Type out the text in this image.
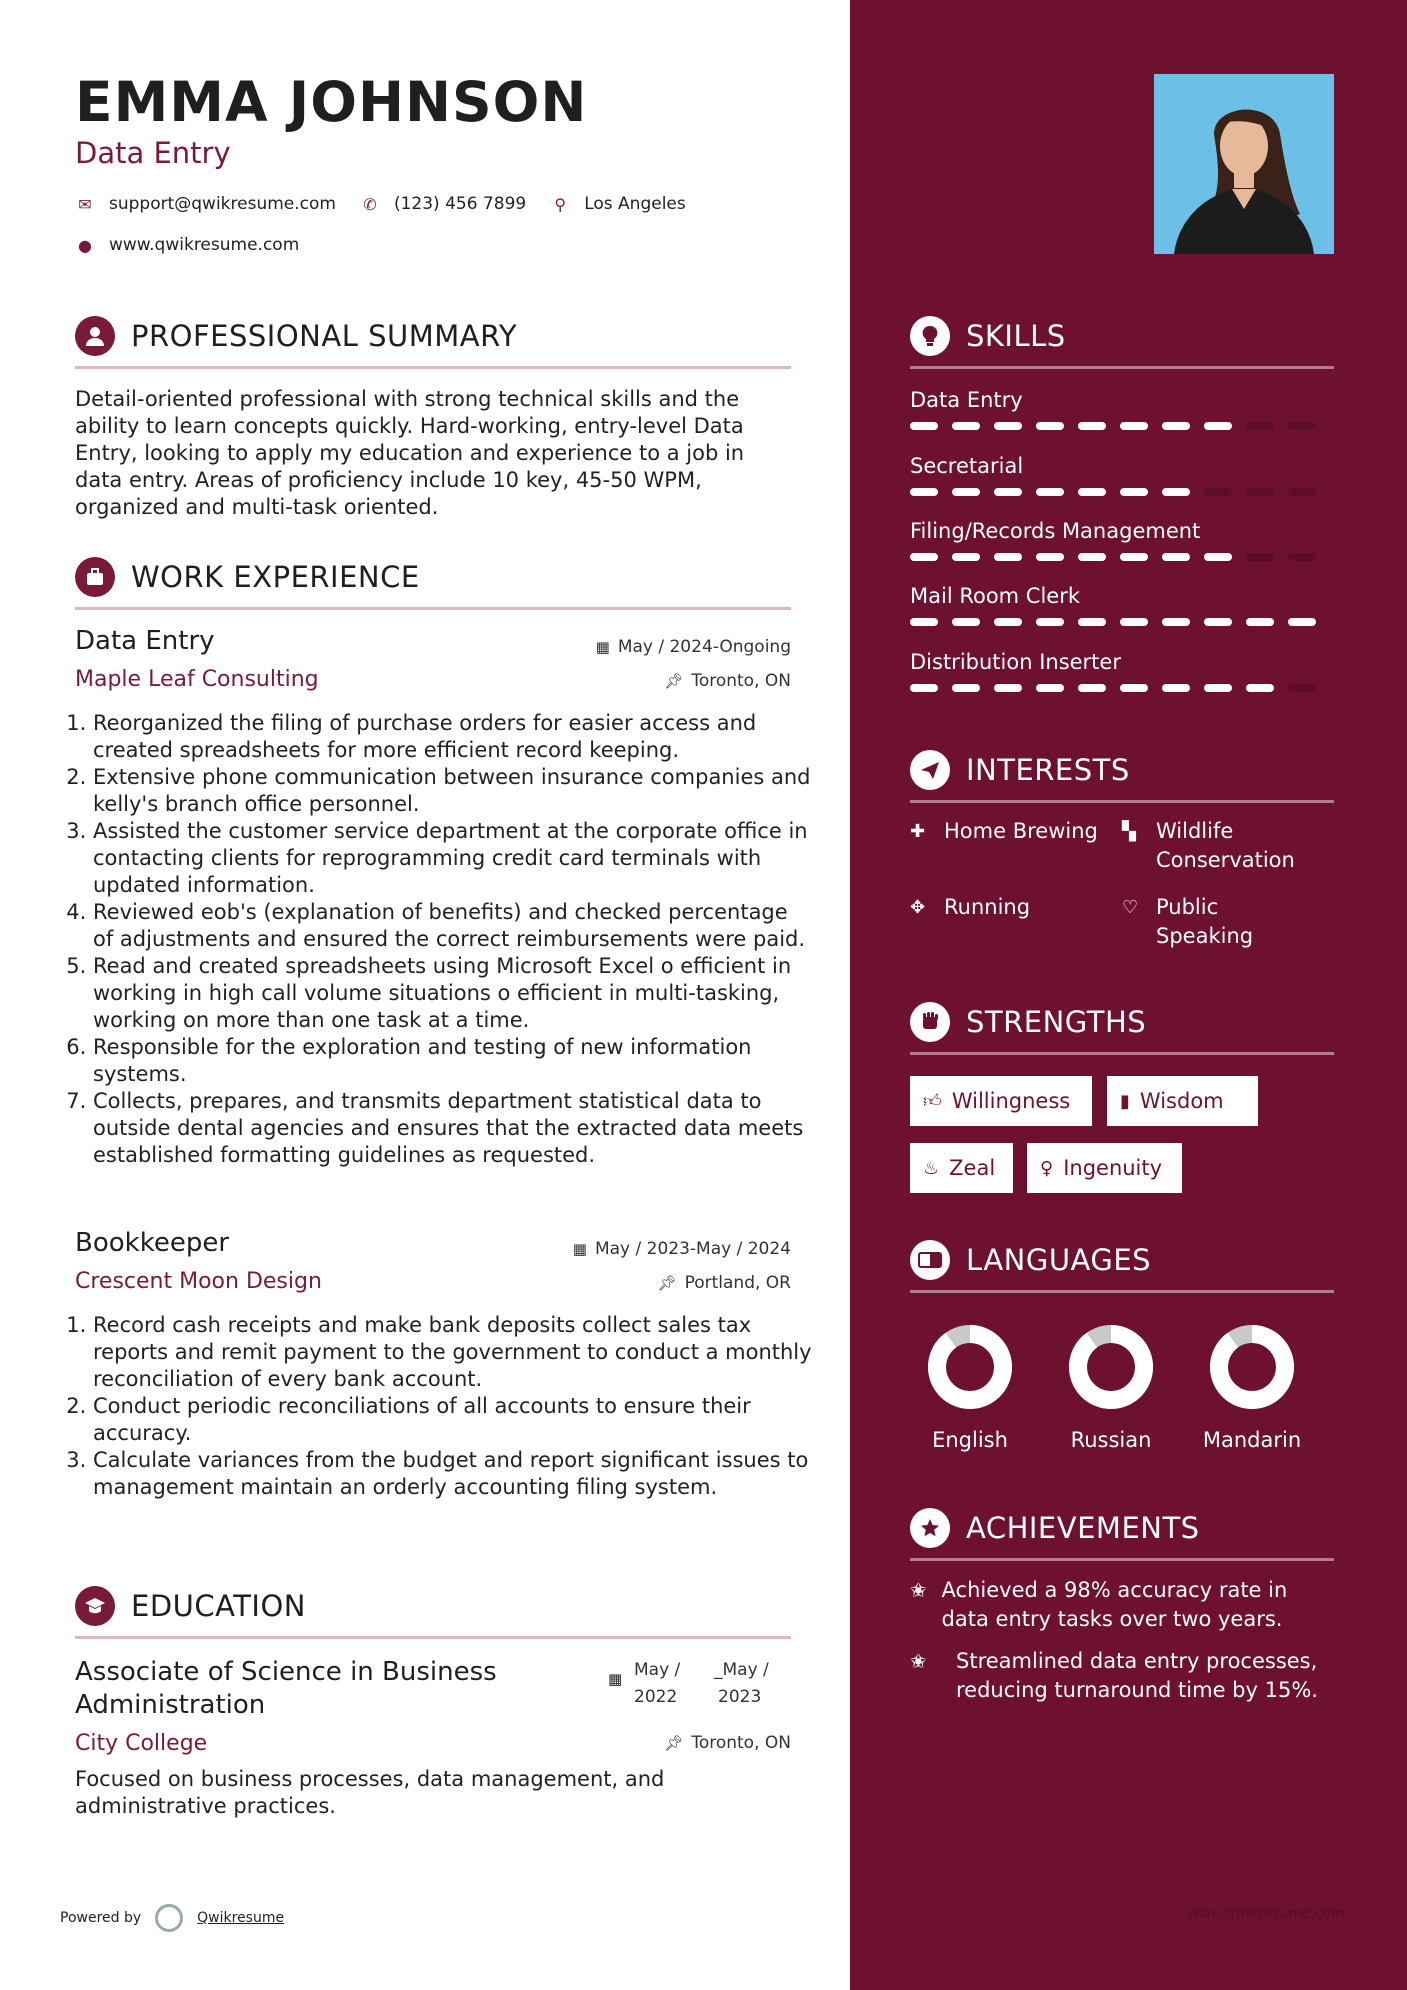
EMMA JOHNSON
Data Entry
✉ support@qwikresume.com ✆ (123) 456 7899 ⚲ Los Angeles
● www.qwikresume.com
PROFESSIONAL SUMMARY
Detail-oriented professional with strong technical skills and the ability to learn concepts quickly. Hard-working, entry-level Data Entry, looking to apply my education and experience to a job in data entry. Areas of proficiency include 10 key, 45-50 WPM, organized and multi-task oriented.
WORK EXPERIENCE
Data Entry	▦ May / 2024-Ongoing
Maple Leaf Consulting	📌︎ Toronto, ON
1. Reorganized the filing of purchase orders for easier access and created spreadsheets for more efficient record keeping.
2. Extensive phone communication between insurance companies and kelly's branch office personnel.
3. Assisted the customer service department at the corporate office in contacting clients for reprogramming credit card terminals with updated information.
4. Reviewed eob's (explanation of benefits) and checked percentage of adjustments and ensured the correct reimbursements were paid.
5. Read and created spreadsheets using Microsoft Excel o efficient in working in high call volume situations o efficient in multi-tasking, working on more than one task at a time.
6. Responsible for the exploration and testing of new information systems.
7. Collects, prepares, and transmits department statistical data to outside dental agencies and ensures that the extracted data meets established formatting guidelines as requested.
Bookkeeper	▦ May / 2023-May / 2024
Crescent Moon Design	📌︎ Portland, OR
1. Record cash receipts and make bank deposits collect sales tax reports and remit payment to the government to conduct a monthly reconciliation of every bank account.
2. Conduct periodic reconciliations of all accounts to ensure their accuracy.
3. Calculate variances from the budget and report significant issues to management maintain an orderly accounting filing system.
EDUCATION
Associate of Science in Business Administration
▦ May /
2022
_May /
2023
City College	📌︎ Toronto, ON
Focused on business processes, data management, and administrative practices.
Powered by	Qwikresume	www.qwikresume.com
SKILLS
Data Entry
Secretarial
Filing/Records Management
Mail Room Clerk
Distribution Inserter
INTERESTS
✚ Home Brewing ▚ Wildlife Conservation
✥ Running	♡ Public Speaking
STRENGTHS
👍︎ Willingness	▮ Wisdom
♨ Zeal ♀ Ingenuity
LANGUAGES
English	Russian	Mandarin
ACHIEVEMENTS
✬ Achieved a 98% accuracy rate in data entry tasks over two years.
✬	Streamlined data entry processes, reducing turnaround time by 15%.
